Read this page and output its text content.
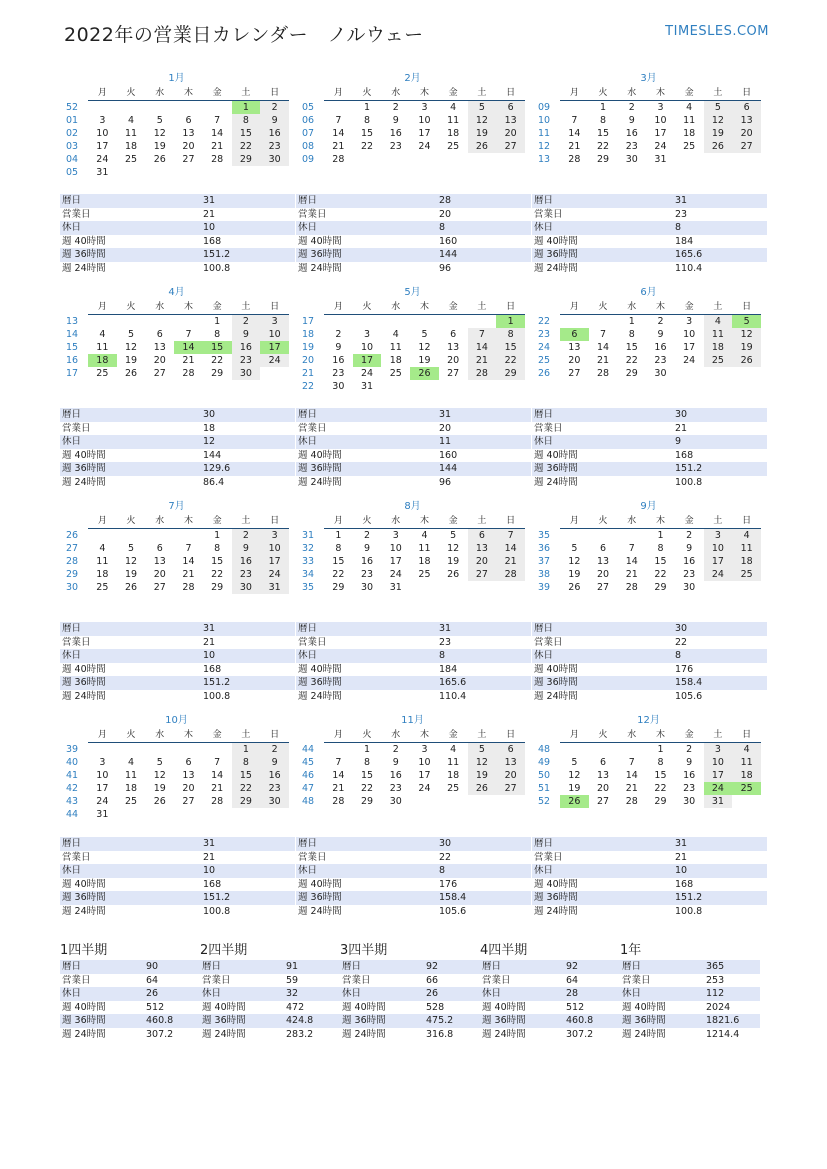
2022年の営業日カレンダー　ノルウェー	TIMESLES.COM
1月
	月	火	水	木	金	土	日
52						1	2
01	3	4	5	6	7	8	9
02	10	11	12	13	14	15	16
03	17	18	19	20	21	22	23
04	24	25	26	27	28	29	30
05	31						
暦日	31
営業日	21
休日	10
週 40時間	168
週 36時間	151.2
週 24時間	100.8
2月
	月	火	水	木	金	土	日
05		1	2	3	4	5	6
06	7	8	9	10	11	12	13
07	14	15	16	17	18	19	20
08	21	22	23	24	25	26	27
09	28						
暦日	28
営業日	20
休日	8
週 40時間	160
週 36時間	144
週 24時間	96
3月
	月	火	水	木	金	土	日
09		1	2	3	4	5	6
10	7	8	9	10	11	12	13
11	14	15	16	17	18	19	20
12	21	22	23	24	25	26	27
13	28	29	30	31			
暦日	31
営業日	23
休日	8
週 40時間	184
週 36時間	165.6
週 24時間	110.4
4月
	月	火	水	木	金	土	日
13					1	2	3
14	4	5	6	7	8	9	10
15	11	12	13	14	15	16	17
16	18	19	20	21	22	23	24
17	25	26	27	28	29	30	
暦日	30
営業日	18
休日	12
週 40時間	144
週 36時間	129.6
週 24時間	86.4
5月
	月	火	水	木	金	土	日
17							1
18	2	3	4	5	6	7	8
19	9	10	11	12	13	14	15
20	16	17	18	19	20	21	22
21	23	24	25	26	27	28	29
22	30	31					
暦日	31
営業日	20
休日	11
週 40時間	160
週 36時間	144
週 24時間	96
6月
	月	火	水	木	金	土	日
22			1	2	3	4	5
23	6	7	8	9	10	11	12
24	13	14	15	16	17	18	19
25	20	21	22	23	24	25	26
26	27	28	29	30			
暦日	30
営業日	21
休日	9
週 40時間	168
週 36時間	151.2
週 24時間	100.8
7月
	月	火	水	木	金	土	日
26					1	2	3
27	4	5	6	7	8	9	10
28	11	12	13	14	15	16	17
29	18	19	20	21	22	23	24
30	25	26	27	28	29	30	31
暦日	31
営業日	21
休日	10
週 40時間	168
週 36時間	151.2
週 24時間	100.8
8月
	月	火	水	木	金	土	日
31	1	2	3	4	5	6	7
32	8	9	10	11	12	13	14
33	15	16	17	18	19	20	21
34	22	23	24	25	26	27	28
35	29	30	31				
暦日	31
営業日	23
休日	8
週 40時間	184
週 36時間	165.6
週 24時間	110.4
9月
	月	火	水	木	金	土	日
35				1	2	3	4
36	5	6	7	8	9	10	11
37	12	13	14	15	16	17	18
38	19	20	21	22	23	24	25
39	26	27	28	29	30		
暦日	30
営業日	22
休日	8
週 40時間	176
週 36時間	158.4
週 24時間	105.6
10月
	月	火	水	木	金	土	日
39						1	2
40	3	4	5	6	7	8	9
41	10	11	12	13	14	15	16
42	17	18	19	20	21	22	23
43	24	25	26	27	28	29	30
44	31						
暦日	31
営業日	21
休日	10
週 40時間	168
週 36時間	151.2
週 24時間	100.8
11月
	月	火	水	木	金	土	日
44		1	2	3	4	5	6
45	7	8	9	10	11	12	13
46	14	15	16	17	18	19	20
47	21	22	23	24	25	26	27
48	28	29	30				
暦日	30
営業日	22
休日	8
週 40時間	176
週 36時間	158.4
週 24時間	105.6
12月
	月	火	水	木	金	土	日
48				1	2	3	4
49	5	6	7	8	9	10	11
50	12	13	14	15	16	17	18
51	19	20	21	22	23	24	25
52	26	27	28	29	30	31	
暦日	31
営業日	21
休日	10
週 40時間	168
週 36時間	151.2
週 24時間	100.8
1四半期
暦日	90
営業日	64
休日	26
週 40時間	512
週 36時間	460.8
週 24時間	307.2
2四半期
暦日	91
営業日	59
休日	32
週 40時間	472
週 36時間	424.8
週 24時間	283.2
3四半期
暦日	92
営業日	66
休日	26
週 40時間	528
週 36時間	475.2
週 24時間	316.8
4四半期
暦日	92
営業日	64
休日	28
週 40時間	512
週 36時間	460.8
週 24時間	307.2
1年
暦日	365
営業日	253
休日	112
週 40時間	2024
週 36時間	1821.6
週 24時間	1214.4
